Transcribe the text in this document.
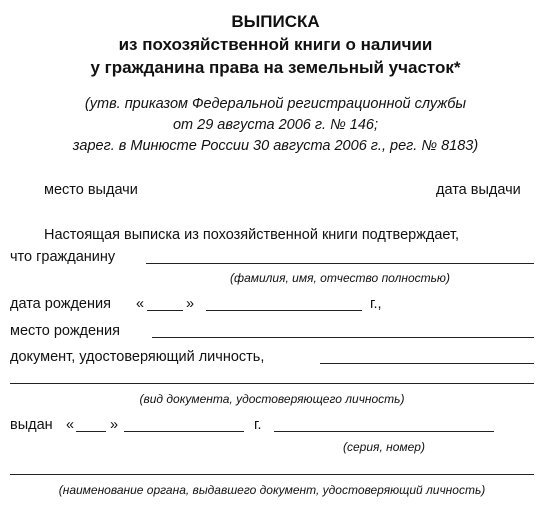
ВЫПИСКА
из похозяйственной книги о наличии
у гражданина права на земельный участок*
(утв. приказом Федеральной регистрационной службы
от 29 августа 2006 г. № 146;
зарег. в Минюсте России 30 августа 2006 г., рег. № 8183)
место выдачи	дата выдачи
Настоящая выписка из похозяйственной книги подтверждает,
что гражданину
(фамилия, имя, отчество полностью)
дата рождения «	»	г.,
место рождения
документ, удостоверяющий личность,
(вид документа, удостоверяющего личность)
выдан « »	г.
(серия, номер)
(наименование органа, выдавшего документ, удостоверяющий личность)
